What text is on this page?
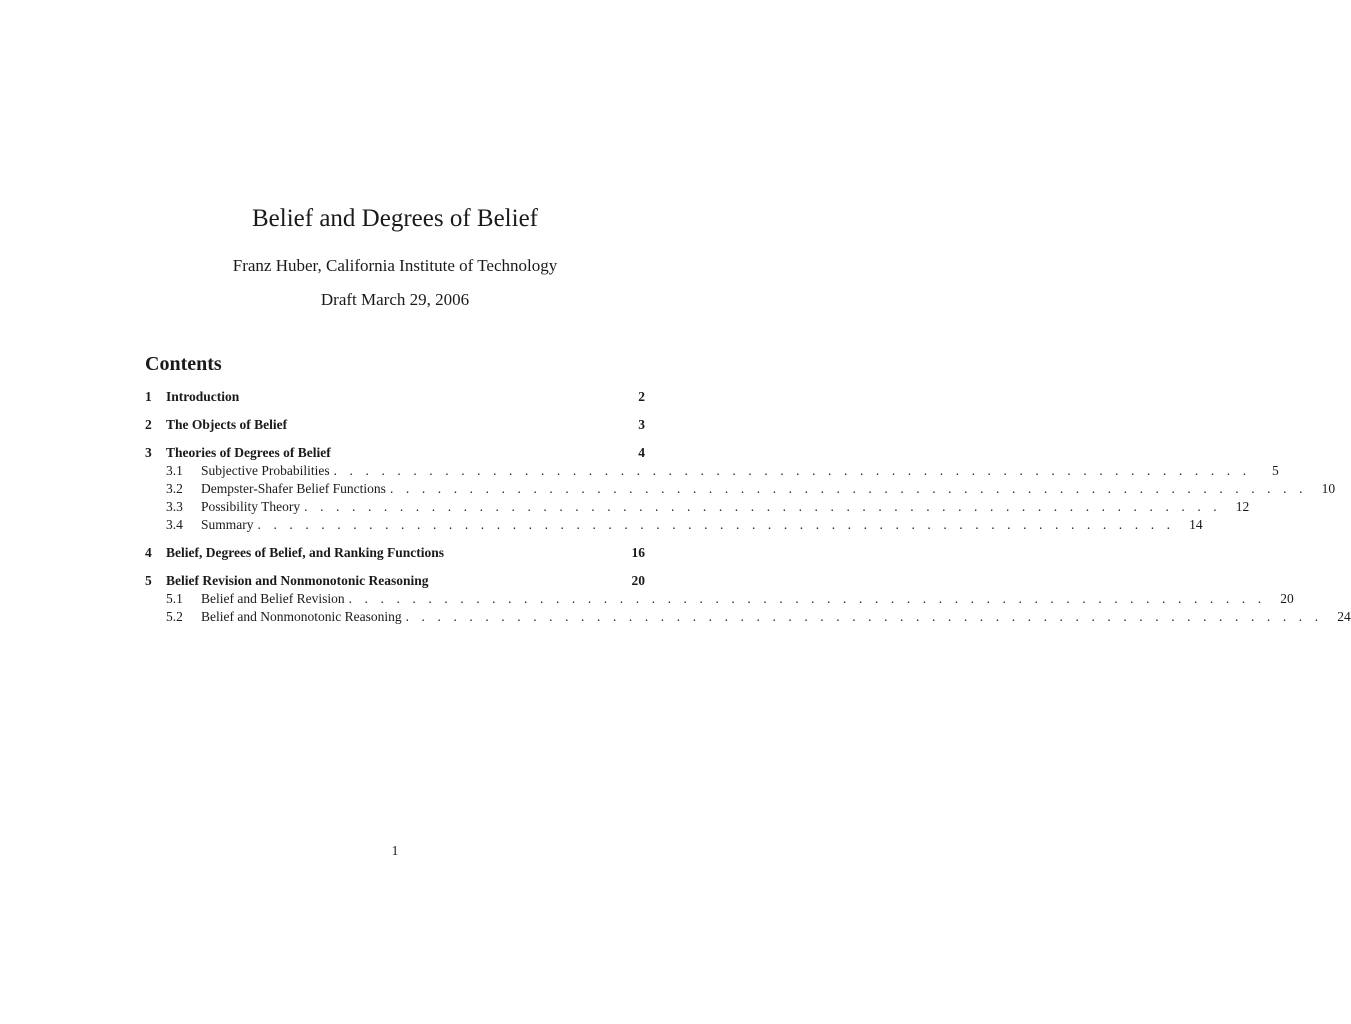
Belief and Degrees of Belief
Franz Huber, California Institute of Technology
Draft March 29, 2006
Contents
1	Introduction	2
2	The Objects of Belief	3
3	Theories of Degrees of Belief	4
3.1	Subjective Probabilities . . . . . . . . . . . . . . . . . . . . . . . . . . . . . . . . . . . . . . . . . . . . . . . . . . . . . . . . . .	5
3.2	Dempster-Shafer Belief Functions . . . . . . . . . . . . . . . . . . . . . . . . . . . . . . . . . . . . . . . . . . . . . . . . . . . . . . . . . .	10
3.3	Possibility Theory . . . . . . . . . . . . . . . . . . . . . . . . . . . . . . . . . . . . . . . . . . . . . . . . . . . . . . . . . .	12
3.4	Summary . . . . . . . . . . . . . . . . . . . . . . . . . . . . . . . . . . . . . . . . . . . . . . . . . . . . . . . . . .	14
4	Belief, Degrees of Belief, and Ranking Functions	16
5	Belief Revision and Nonmonotonic Reasoning	20
5.1	Belief and Belief Revision . . . . . . . . . . . . . . . . . . . . . . . . . . . . . . . . . . . . . . . . . . . . . . . . . . . . . . . . . .	20
5.2	Belief and Nonmonotonic Reasoning . . . . . . . . . . . . . . . . . . . . . . . . . . . . . . . . . . . . . . . . . . . . . . . . . . . . . . . . . .	24
1
